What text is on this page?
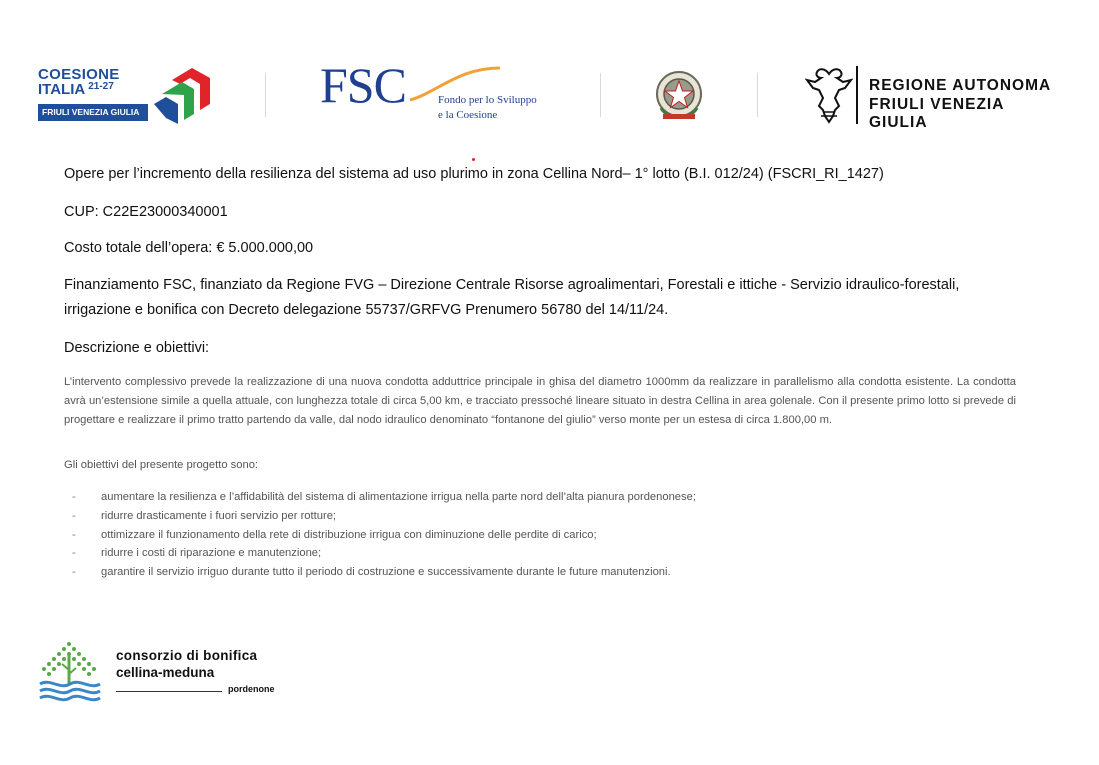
COESIONE
ITALIA $^{21-27}$
FRIULI VENEZIA GIULIA	FSC	Fondo per lo Sviluppo
e la Coesione
REGIONE AUTONOMA
FRIULI VENEZIA GIULIA
Opere per l’incremento della resilienza del sistema ad uso plurimo in zona Cellina Nord– 1° lotto (B.I. 012/24) (FSCRI_RI_1427)
CUP: C22E23000340001
Costo totale dell’opera: € 5.000.000,00
Finanziamento FSC, finanziato da Regione FVG – Direzione Centrale Risorse agroalimentari, Forestali e ittiche - Servizio idraulico-forestali,
irrigazione e bonifica con Decreto delegazione 55737/GRFVG Prenumero 56780 del 14/11/24.
Descrizione e obiettivi:
L’intervento complessivo prevede la realizzazione di una nuova condotta adduttrice principale in ghisa del diametro 1000mm da realizzare in parallelismo alla condotta esistente. La condotta avrà un’estensione simile a quella attuale, con lunghezza totale di circa 5,00 km, e tracciato pressoché lineare situato in destra Cellina in area golenale. Con il presente primo lotto si prevede di progettare e realizzare il primo tratto partendo da valle, dal nodo idraulico denominato “fontanone del giulio” verso monte per un estesa di circa 1.800,00 m.
Gli obiettivi del presente progetto sono:
- aumentare la resilienza e l’affidabilità del sistema di alimentazione irrigua nella parte nord dell’alta pianura pordenonese;
- ridurre drasticamente i fuori servizio per rotture;
- ottimizzare il funzionamento della rete di distribuzione irrigua con diminuzione delle perdite di carico;
- ridurre i costi di riparazione e manutenzione;
- garantire il servizio irriguo durante tutto il periodo di costruzione e successivamente durante le future manutenzioni.
consorzio di bonifica
cellina-meduna
pordenone
